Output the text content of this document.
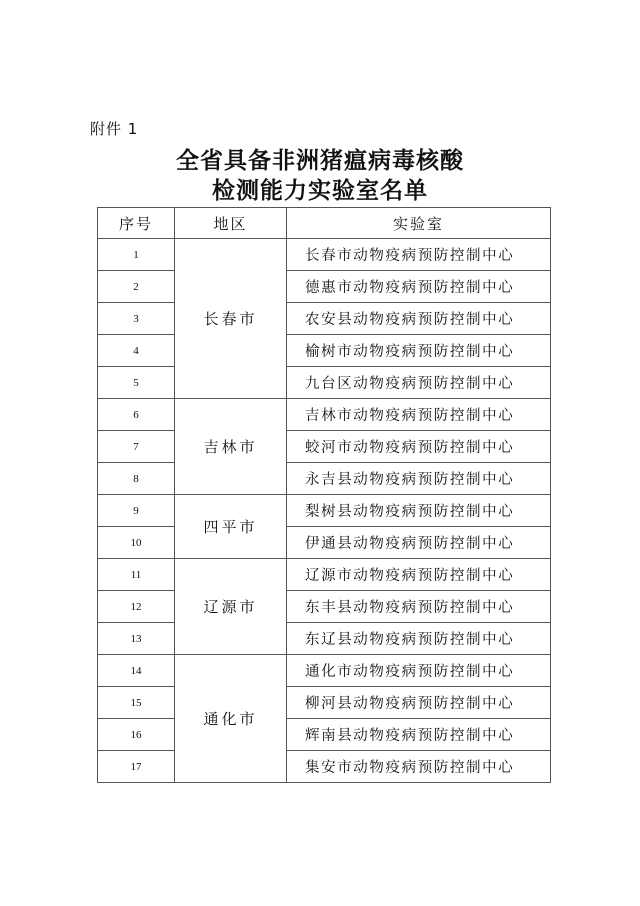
附件 1
全省具备非洲猪瘟病毒核酸
检测能力实验室名单
序号	地区	实验室
1	长春市	长春市动物疫病预防控制中心
2		德惠市动物疫病预防控制中心
3		农安县动物疫病预防控制中心
4		榆树市动物疫病预防控制中心
5		九台区动物疫病预防控制中心
6	吉林市	吉林市动物疫病预防控制中心
7		蛟河市动物疫病预防控制中心
8		永吉县动物疫病预防控制中心
9	四平市	梨树县动物疫病预防控制中心
10		伊通县动物疫病预防控制中心
11	辽源市	辽源市动物疫病预防控制中心
12		东丰县动物疫病预防控制中心
13		东辽县动物疫病预防控制中心
14	通化市	通化市动物疫病预防控制中心
15		柳河县动物疫病预防控制中心
16		辉南县动物疫病预防控制中心
17		集安市动物疫病预防控制中心
